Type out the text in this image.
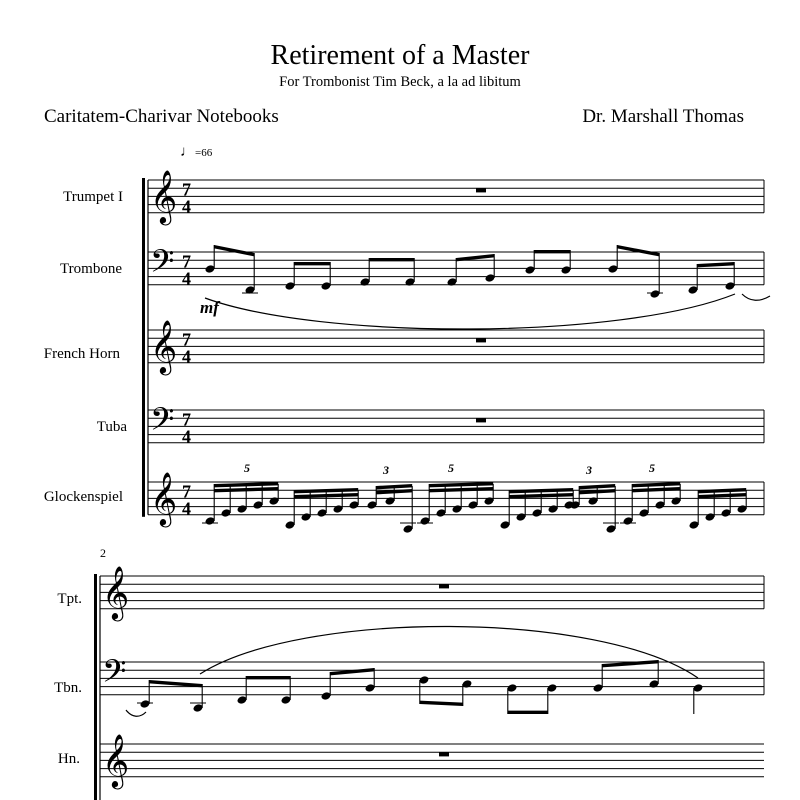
Retirement of a Master
For Trombonist Tim Beck, a la ad libitum
Caritatem-Charivar Notebooks	Dr. Marshall Thomas
♩=66
Trumpet I
Trombone
French Horn
Tuba
Glockenspiel
2
Tpt.
Tbn.
Hn.
𝄞 7
4
𝄢 7
4
𝄞 7
4
𝄢 7
4
𝄞 7
4
𝄞
𝄢
𝄞
mf
5	3	5	3	5
